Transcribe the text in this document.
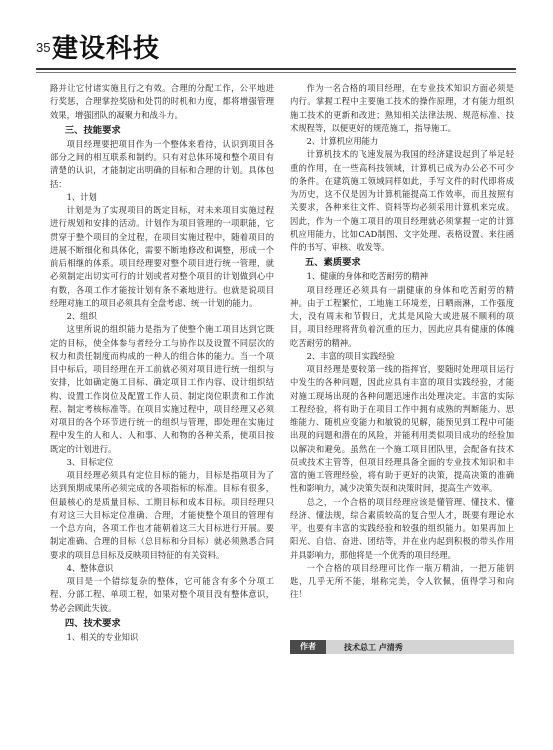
35 建设科技

路并让它付诸实施且行之有效。合理的分配工作，公平地进行奖惩，合理掌控奖励和处罚的时机和力度，都将增强管理效果，增强团队的凝聚力和战斗力。

三、技能要求

项目经理要把项目作为一个整体来看待，认识到项目各部分之间的相互联系和制约。只有对总体环境和整个项目有清楚的认识，才能制定出明确的目标和合理的计划。具体包括：

1、计划

计划是为了实现项目的既定目标，对未来项目实施过程进行规划和安排的活动。计划作为项目管理的一项职能，它贯穿于整个项目的全过程，在项目实施过程中，随着项目的进展不断细化和具体化，需要不断地修改和调整，形成一个前后相继的体系。项目经理要对整个项目进行统一管理，就必须制定出切实可行的计划或者对整个项目的计划做到心中有数，各项工作才能按计划有条不紊地进行。也就是说项目经理对施工的项目必须具有全盘考虑、统一计划的能力。

2、组织

这里所说的组织能力是指为了使整个施工项目达到它既定的目标，使全体参与者经分工与协作以及设置不同层次的权力和责任制度而构成的一种人的组合体的能力。当一个项目中标后，项目经理在开工前就必须对项目进行统一组织与安排，比如确定施工目标、确定项目工作内容、设计组织结构、设置工作岗位及配置工作人员、制定岗位职责和工作流程、制定考核标准等。在项目实施过程中，项目经理又必须对项目的各个环节进行统一的组织与管理，即处理在实施过程中发生的人和人、人和事、人和物的各种关系，使项目按既定的计划进行。

3、目标定位

项目经理必须具有定位目标的能力，目标是指项目为了达到预期成果所必须完成的各项指标的标准。目标有很多，但最核心的是质量目标、工期目标和成本目标。项目经理只有对这三大目标定位准确、合理，才能使整个项目的管理有一个总方向，各项工作也才能朝着这三大目标进行开展。要制定准确、合理的目标（总目标和分目标）就必须熟悉合同要求的项目总目标及反映项目特征的有关资料。

4、整体意识

项目是一个错综复杂的整体，它可能含有多个分项工程、分部工程、单项工程，如果对整个项目没有整体意识，势必会顾此失彼。

四、技术要求
1、相关的专业知识

作为一名合格的项目经理，在专业技术知识方面必须是内行。掌握工程中主要施工技术的操作原理，才有能力组织施工技术的更新和改进；熟知相关法律法规、规范标准、技术规程等，以便更好的规范施工，指导施工。

2、计算机应用能力

计算机技术的飞速发展为我国的经济建设起到了举足轻重的作用，在一些高科技领域，计算机已成为办公必不可少的条件。在建筑施工领域同样如此，手写文件的时代即将成为历史，这不仅是因为计算机能提高工作效率，而且按照有关要求，各种来往文件、资料等均必须采用计算机来完成。因此，作为一个施工项目的项目经理就必须掌握一定的计算机应用能力，比如CAD制图、文字处理、表格设置、来往函件的书写、审核、收发等。

五、素质要求
1、健康的身体和吃苦耐劳的精神

项目经理还必须具有一副健康的身体和吃苦耐劳的精神。由于工程繁忙，工地施工环境差，日晒雨淋，工作强度大，没有周末和节假日，尤其是风险大或进展不顺利的项目，项目经理将背负着沉重的压力，因此应具有健康的体魄吃苦耐劳的精神。

2、丰富的项目实践经验

项目经理是要较第一线的指挥官，要随时处理项目运行中发生的各种问题，因此应具有丰富的项目实践经验，才能对施工现场出现的各种问题迅速作出处理决定。丰富的实际工程经验，将有助于在项目工作中拥有成熟的判断能力、思维能力、随机应变能力和敏锐的见解，能预见到工程中可能出现的问题和潜在的风险，并能利用类似项目成功的经验加以解决和避免。虽然在一个施工项目团队里，会配备有技术员或技术主管等，但项目经理具备全面的专业技术知识和丰富的施工管理经验，将有助于更好的决策，提高决策的准确性和影响力，减少决策失误和决策时间，提高生产效率。

总之，一个合格的项目经理应该是懂管理、懂技术、懂经济、懂法规，综合素质较高的复合型人才，既要有理论水平，也要有丰富的实践经验和较强的组织能力。如果再加上阳光、自信、奋进、团结等，并在业内起到积极的带头作用并具影响力，那他将是一个优秀的项目经理。

一个合格的项目经理可比作一瓶万精油，一把万能钥匙，几乎无所不能，堪称完美，令人钦佩，值得学习和向往！

作者	技术总工 卢清秀
